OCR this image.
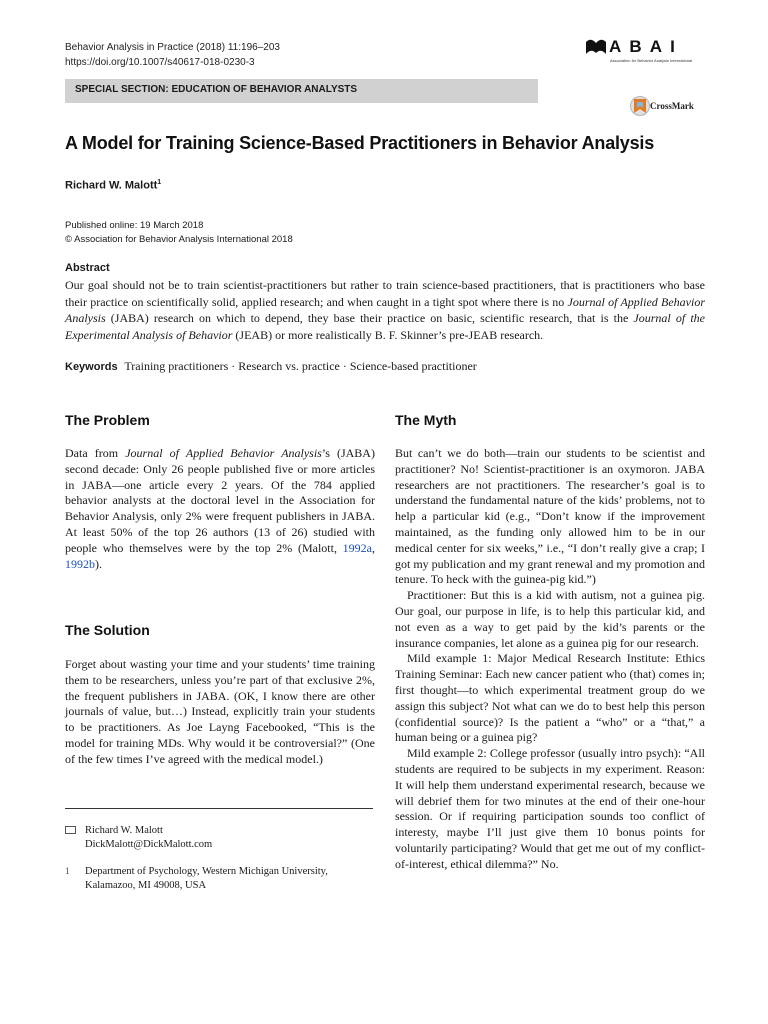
Behavior Analysis in Practice (2018) 11:196–203
https://doi.org/10.1007/s40617-018-0230-3
A B A I
Association for Behavior Analysis International
SPECIAL SECTION: EDUCATION OF BEHAVIOR ANALYSTS
CrossMark
A Model for Training Science-Based Practitioners in Behavior Analysis
Richard W. Malott$^1$
Published online: 19 March 2018
© Association for Behavior Analysis International 2018
Abstract

Our goal should not be to train scientist-practitioners but rather to train science-based practitioners, that is practitioners who base their practice on scientifically solid, applied research; and when caught in a tight spot where there is no Journal of Applied Behavior Analysis (JABA) research on which to depend, they base their practice on basic, scientific research, that is the Journal of the Experimental Analysis of Behavior (JEAB) or more realistically B. F. Skinner’s pre-JEAB research.

Keywords Training practitioners · Research vs. practice · Science-based practitioner
The Problem

Data from Journal of Applied Behavior Analysis’s (JABA) second decade: Only 26 people published five or more articles in JABA—one article every 2 years. Of the 784 applied behavior analysts at the doctoral level in the Association for Behavior Analysis, only 2% were frequent publishers in JABA. At least 50% of the top 26 authors (13 of 26) studied with people who themselves were by the top 2% (Malott, 1992a, 1992b).

The Solution

Forget about wasting your time and your students’ time training them to be researchers, unless you’re part of that exclusive 2%, the frequent publishers in JABA. (OK, I know there are other journals of value, but…) Instead, explicitly train your students to be practitioners. As Joe Layng Facebooked, “This is the model for training MDs. Why would it be controversial?” (One of the few times I’ve agreed with the medical model.)

Richard W. Malott
DickMalott@DickMalott.com
1 Department of Psychology, Western Michigan University, Kalamazoo, MI 49008, USA
The Myth

But can’t we do both—train our students to be scientist and practitioner? No! Scientist-practitioner is an oxymoron. JABA researchers are not practitioners. The researcher’s goal is to understand the fundamental nature of the kids’ problems, not to help a particular kid (e.g., “Don’t know if the improvement maintained, as the funding only allowed him to be in our medical center for six weeks,” i.e., “I don’t really give a crap; I got my publication and my grant renewal and my promotion and tenure. To heck with the guinea-pig kid.”)

Practitioner: But this is a kid with autism, not a guinea pig. Our goal, our purpose in life, is to help this particular kid, and not even as a way to get paid by the kid’s parents or the insurance companies, let alone as a guinea pig for our research.

Mild example 1: Major Medical Research Institute: Ethics Training Seminar: Each new cancer patient who (that) comes in; first thought—to which experimental treatment group do we assign this subject? Not what can we do to best help this person (confidential source)? Is the patient a “who” or a “that,” a human being or a guinea pig?

Mild example 2: College professor (usually intro psych): “All students are required to be subjects in my experiment. Reason: It will help them understand experimental research, because we will debrief them for two minutes at the end of their one-hour session. Or if requiring participation sounds too conflict of interesty, maybe I’ll just give them 10 bonus points for voluntarily participating? Would that get me out of my conflict-of-interest, ethical dilemma?” No.
